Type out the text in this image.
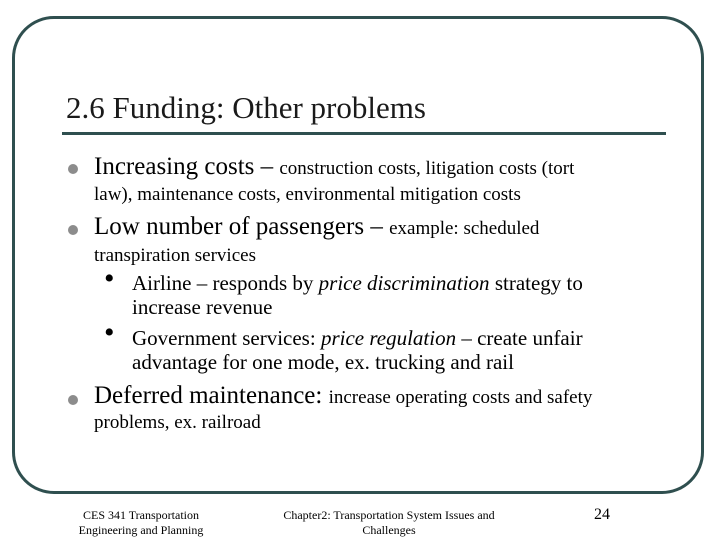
2.6 Funding: Other problems
Increasing costs – construction costs, litigation costs (tort
law), maintenance costs, environmental mitigation costs
Low number of passengers – example: scheduled
transpiration services
• Airline – responds by price discrimination strategy to
increase revenue
• Government services: price regulation – create unfair
advantage for one mode, ex. trucking and rail
Deferred maintenance: increase operating costs and safety
problems, ex. railroad
CES 341 Transportation
Engineering and Planning
Chapter2: Transportation System Issues and
Challenges
24
